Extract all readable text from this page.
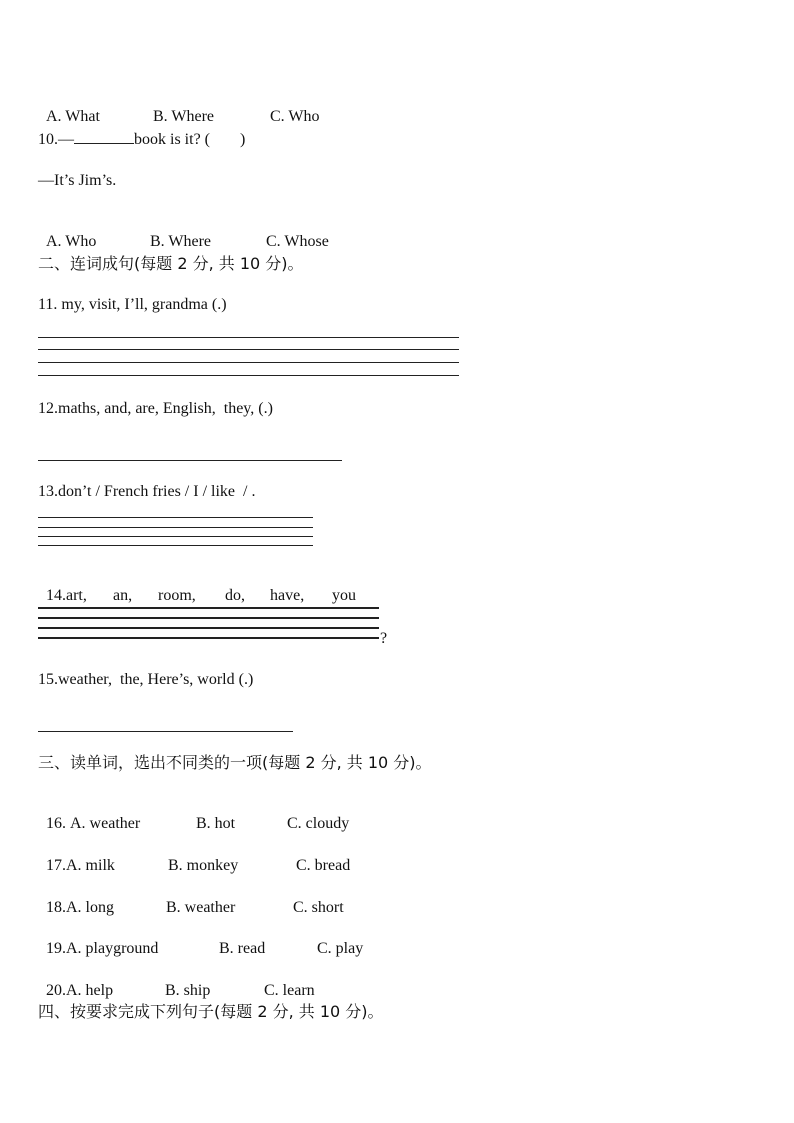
A. What	B. Where	C. Who

10.—	book is it? ( )
—It’s Jim’s.

A. Who	B. Where	C. Whose

二、连词成句(每题 2 分, 共 10 分)。
11. my, visit, I’ll, grandma (.)
12.maths, and, are, English,  they, (.)
13.don’t / French fries / I / like  / .

14.art, an, room, do, have, you

?
15.weather,  the, Here’s, world (.)
三、读单词，选出不同类的一项(每题 2 分, 共 10 分)。

16. A. weather	B. hot	C. cloudy

17.A. milk	B. monkey	C. bread

18.A. long	B. weather	C. short

19.A. playground	B. read	C. play

20.A. help	B. ship	C. learn

四、按要求完成下列句子(每题 2 分, 共 10 分)。
